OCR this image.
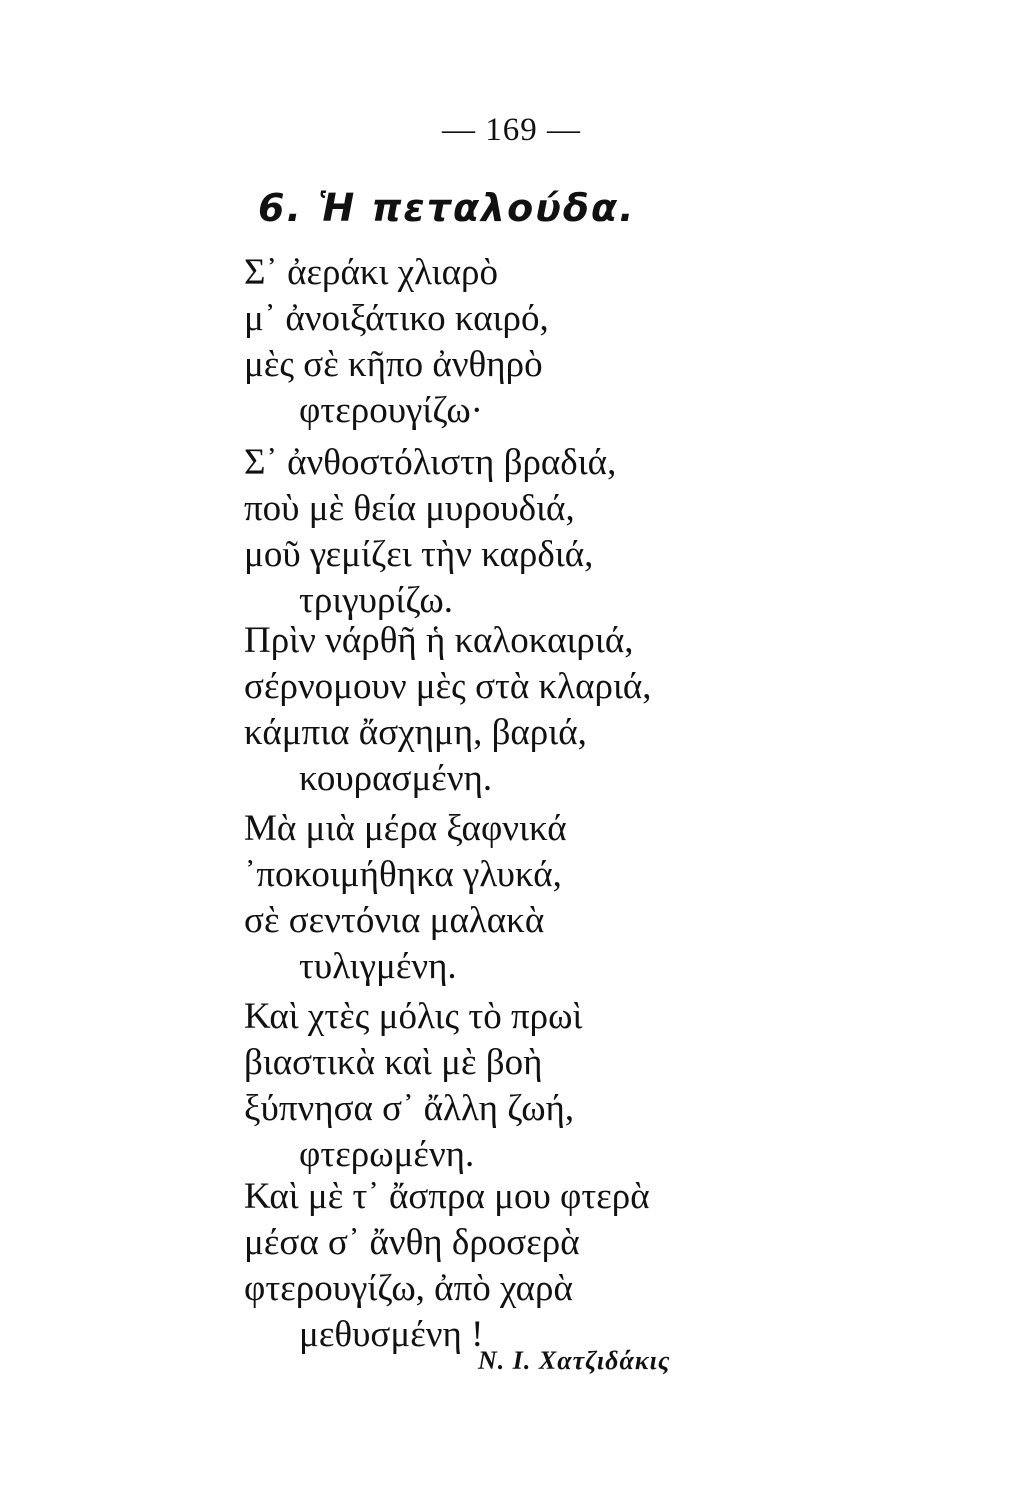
— 169 —
6. Ἡ πεταλούδα.
Σ᾽ ἀεράκι χλιαρὸ
μ᾽ ἀνοιξάτικο καιρό,
μὲς σὲ κῆπο ἀνθηρὸ
φτερουγίζω·
Σ᾽ ἀνθοστόλιστη βραδιά,
ποὺ μὲ θεία μυρουδιά,
μοῦ γεμίζει τὴν καρδιά,
τριγυρίζω.
Πρὶν νάρθῆ ἡ καλοκαιριά,
σέρνομουν μὲς στὰ κλαριά,
κάμπια ἄσχημη, βαριά,
κουρασμένη.
Μὰ μιὰ μέρα ξαφνικά
᾽ποκοιμήθηκα γλυκά,
σὲ σεντόνια μαλακὰ
τυλιγμένη.
Καὶ χτὲς μόλις τὸ πρωὶ
βιαστικὰ καὶ μὲ βοὴ
ξύπνησα σ᾽ ἄλλη ζωή,
φτερωμένη.
Καὶ μὲ τ᾽ ἄσπρα μου φτερὰ
μέσα σ᾽ ἄνθη δροσερὰ
φτερουγίζω, ἀπὸ χαρὰ
μεθυσμένη !
Ν. Ι. Χατζιδάκις
